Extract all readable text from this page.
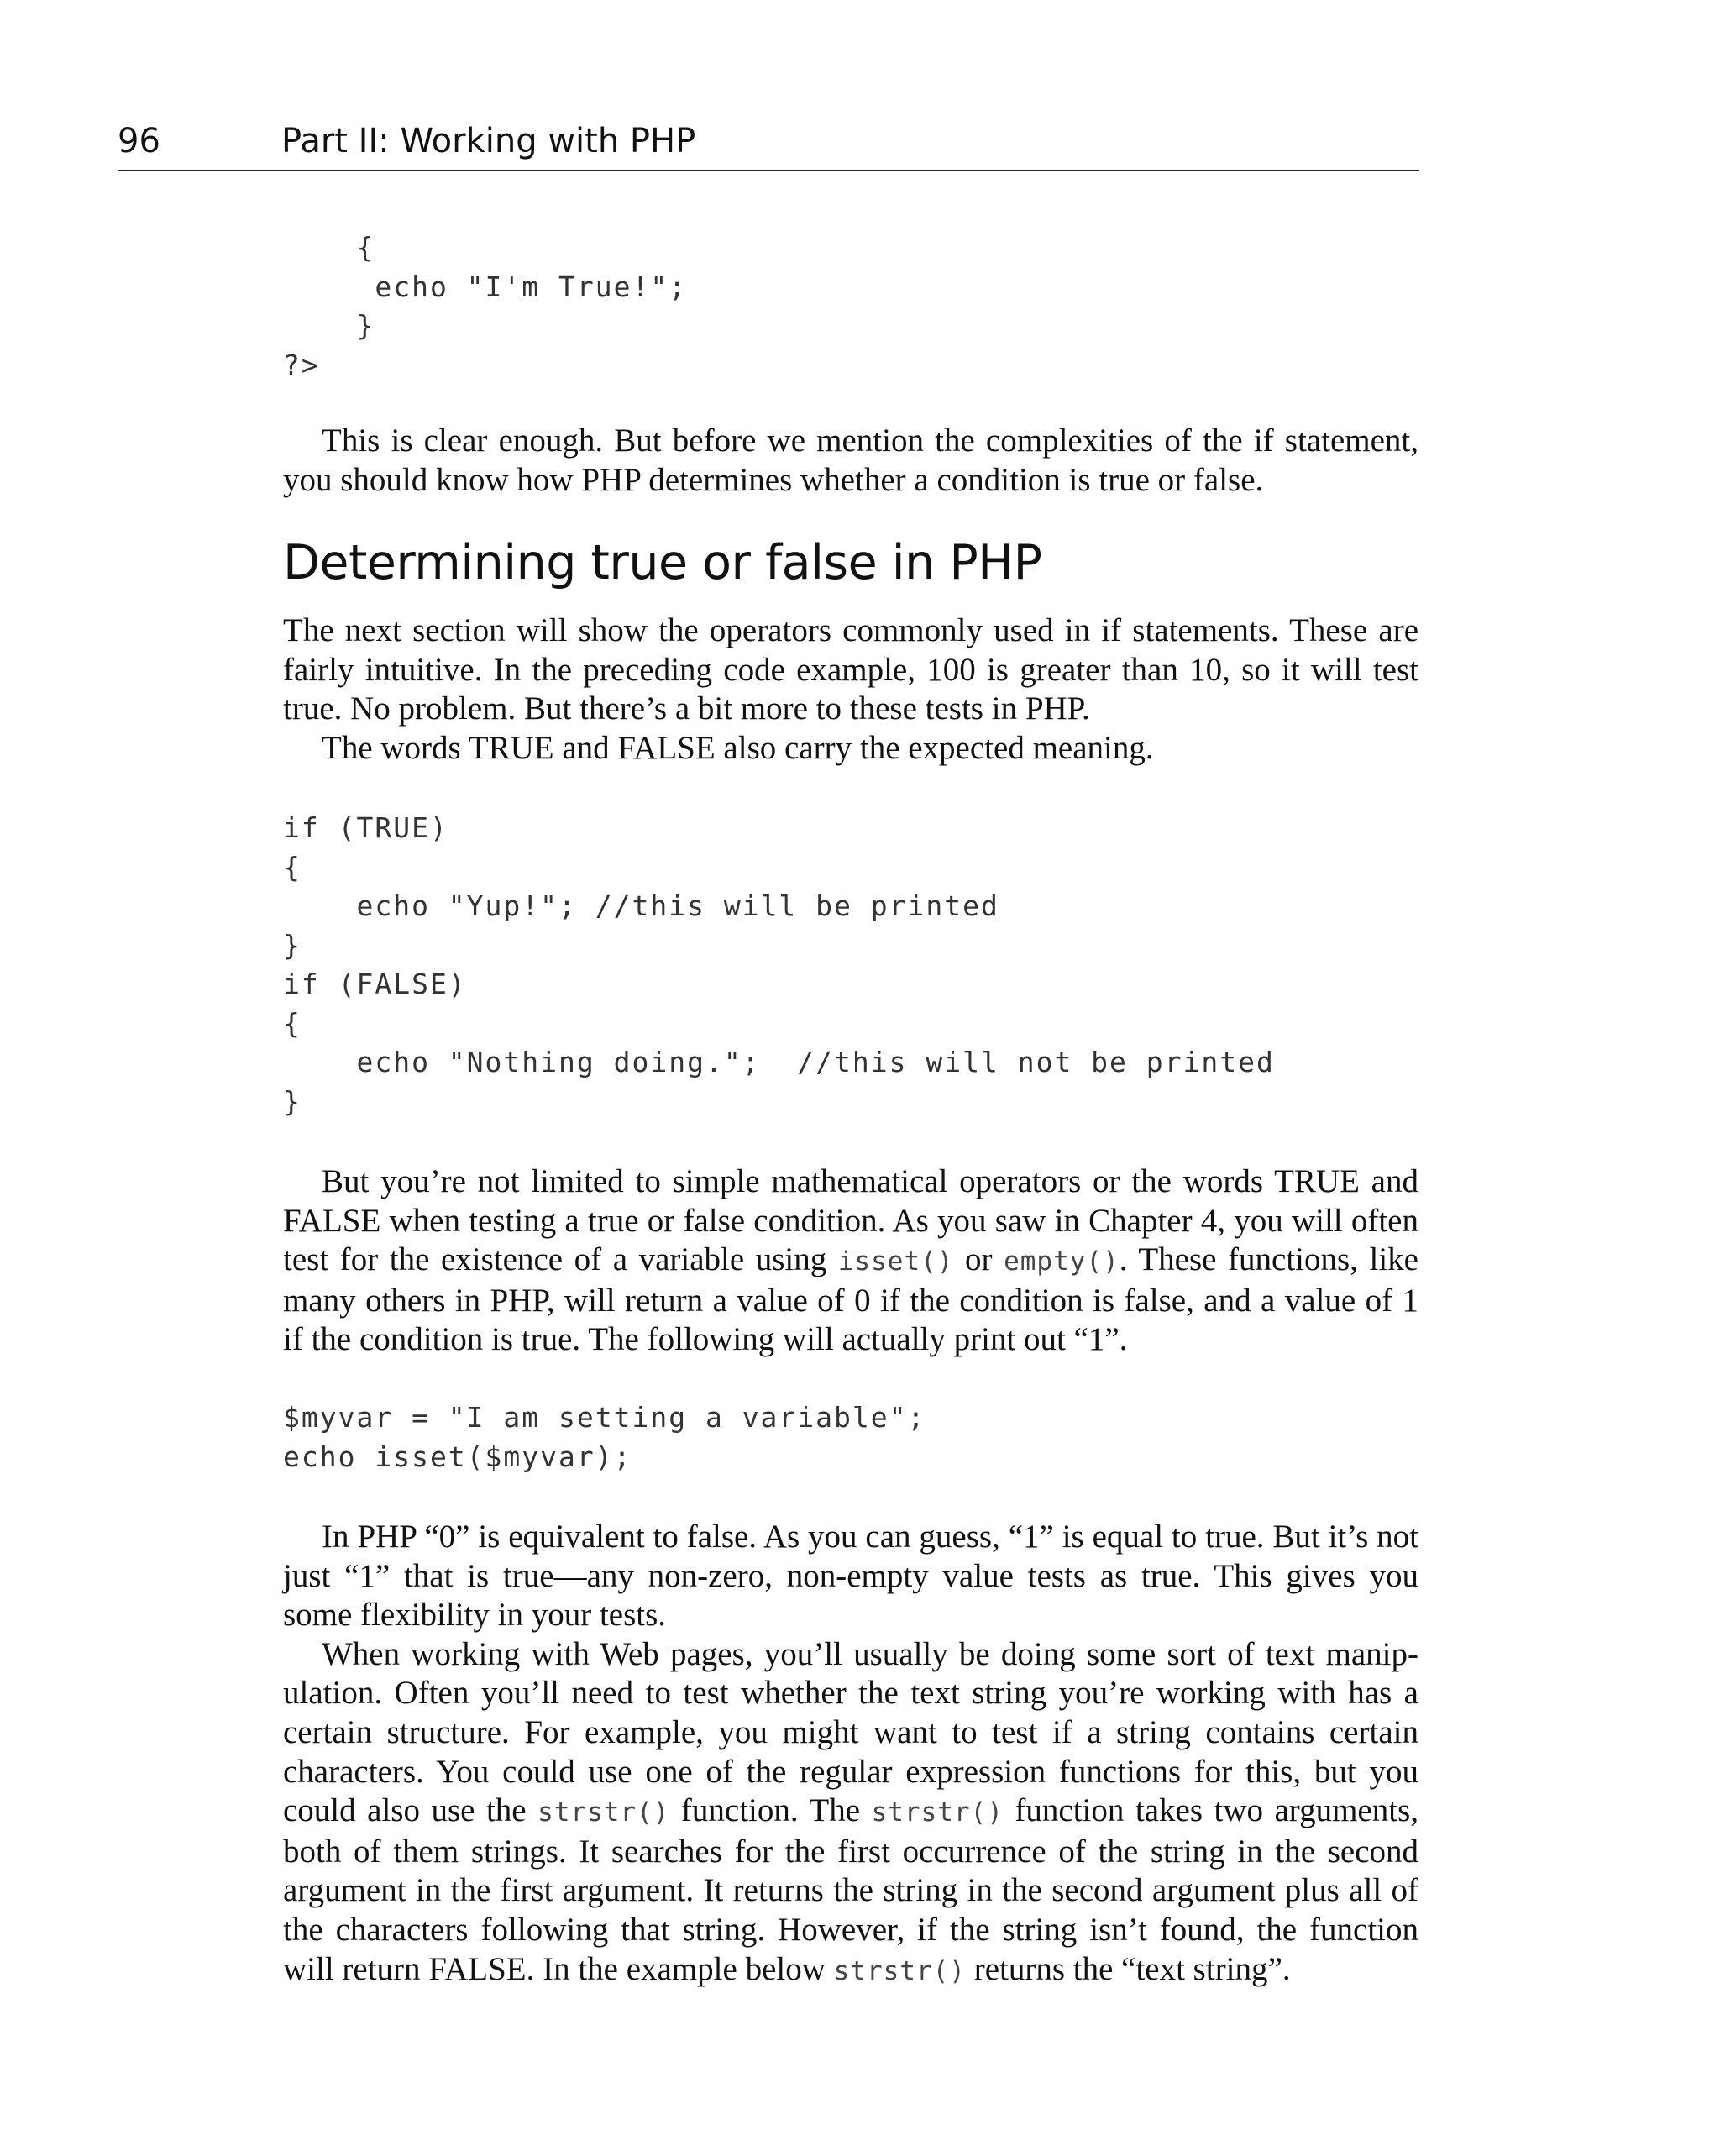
96	Part II: Working with PHP
{
echo "I'm True!";
}
?>

This is clear enough. But before we mention the complexities of the if statement, you should know how PHP determines whether a condition is true or false.

Determining true or false in PHP

The next section will show the operators commonly used in if statements. These are fairly intuitive. In the preceding code example, 100 is greater than 10, so it will test true. No problem. But there’s a bit more to these tests in PHP.

The words TRUE and FALSE also carry the expected meaning.

if (TRUE)
{
echo "Yup!"; //this will be printed
}
if (FALSE)
{
echo "Nothing doing.";  //this will not be printed
}

But you’re not limited to simple mathematical operators or the words TRUE and FALSE when testing a true or false condition. As you saw in Chapter 4, you will often test for the existence of a variable using isset() or empty(). These functions, like many others in PHP, will return a value of 0 if the condition is false, and a value of 1 if the condition is true. The following will actually print out “1”.

$myvar = "I am setting a variable";
echo isset($myvar);

In PHP “0” is equivalent to false. As you can guess, “1” is equal to true. But it’s not just “1” that is true—any non-zero, non-empty value tests as true. This gives you some flexibility in your tests.

When working with Web pages, you’ll usually be doing some sort of text manipulation. Often you’ll need to test whether the text string you’re working with has a certain structure. For example, you might want to test if a string contains certain characters. You could use one of the regular expression functions for this, but you could also use the strstr() function. The strstr() function takes two arguments, both of them strings. It searches for the first occurrence of the string in the second argument in the first argument. It returns the string in the second argument plus all of the characters following that string. However, if the string isn’t found, the function will return FALSE. In the example below strstr() returns the “text string”.
